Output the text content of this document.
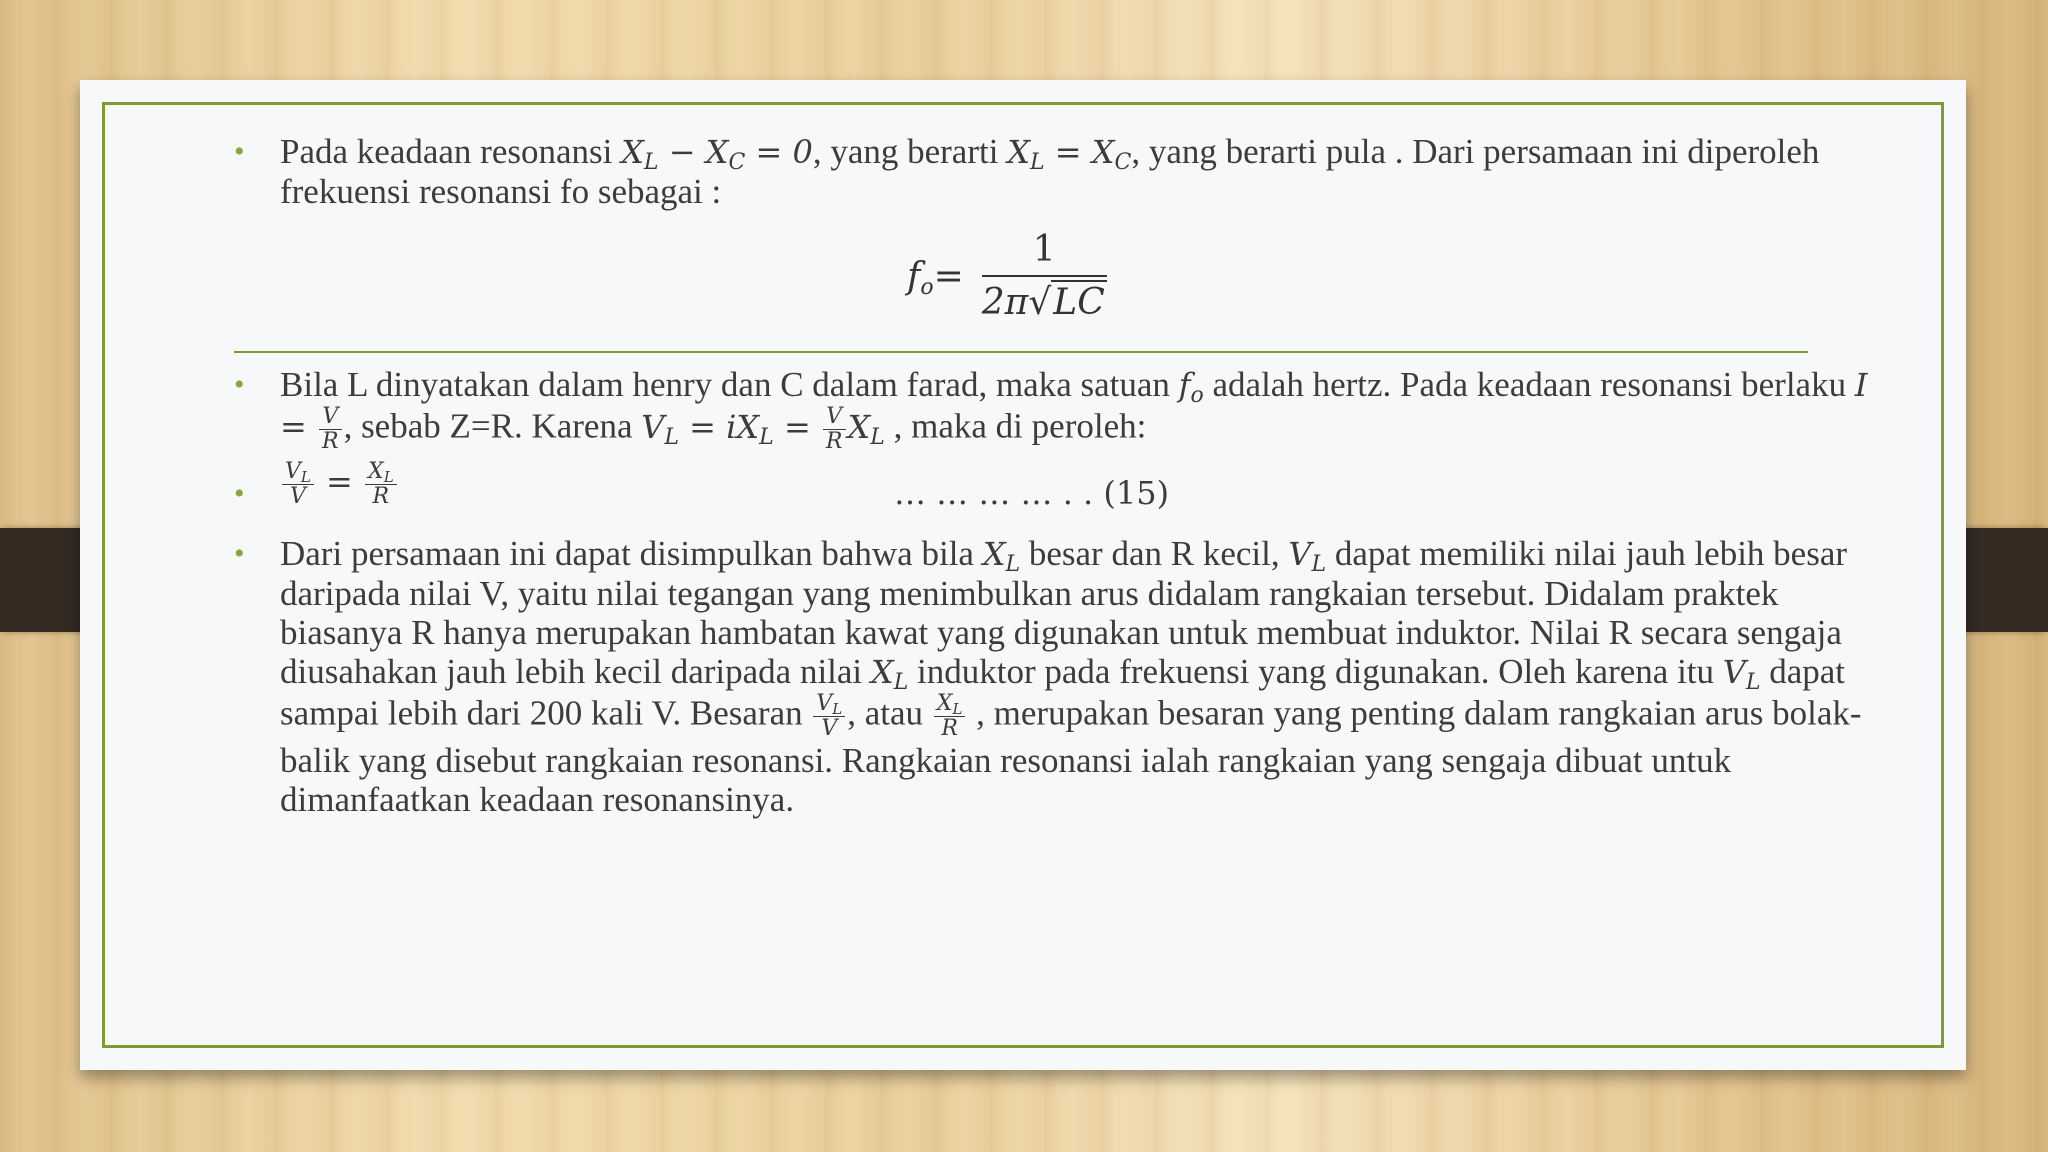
• Pada keadaan resonansi $X_L - X_C = 0$, yang berarti $X_L = X_C$, yang berarti pula . Dari persamaan ini diperoleh frekuensi resonansi fo sebagai :
$f_o = \frac{1}{2\pi√LC}$
• Bila L dinyatakan dalam henry dan C dalam farad, maka satuan $f_o$ adalah hertz. Pada keadaan resonansi berlaku $I = \frac{V}{R}$ , sebab Z=R. Karena $V_L = iX_L = \frac{V}{R} X_L$ , maka di peroleh:
• $\frac{V_L}{V} = \frac{X_L}{R}$	… … … … . . (15)
• Dari persamaan ini dapat disimpulkan bahwa bila $X_L$ besar dan R kecil, $V_L$ dapat memiliki nilai jauh lebih besar daripada nilai V, yaitu nilai tegangan yang menimbulkan arus didalam rangkaian tersebut. Didalam praktek biasanya R hanya merupakan hambatan kawat yang digunakan untuk membuat induktor. Nilai R secara sengaja diusahakan jauh lebih kecil daripada nilai $X_L$ induktor pada frekuensi yang digunakan. Oleh karena itu $V_L$ dapat sampai lebih dari 200 kali V. Besaran $\frac{V_L}{V}$ , atau $\frac{X_L}{R}$ , merupakan besaran yang penting dalam rangkaian arus bolak-balik yang disebut rangkaian resonansi. Rangkaian resonansi ialah rangkaian yang sengaja dibuat untuk dimanfaatkan keadaan resonansinya.
